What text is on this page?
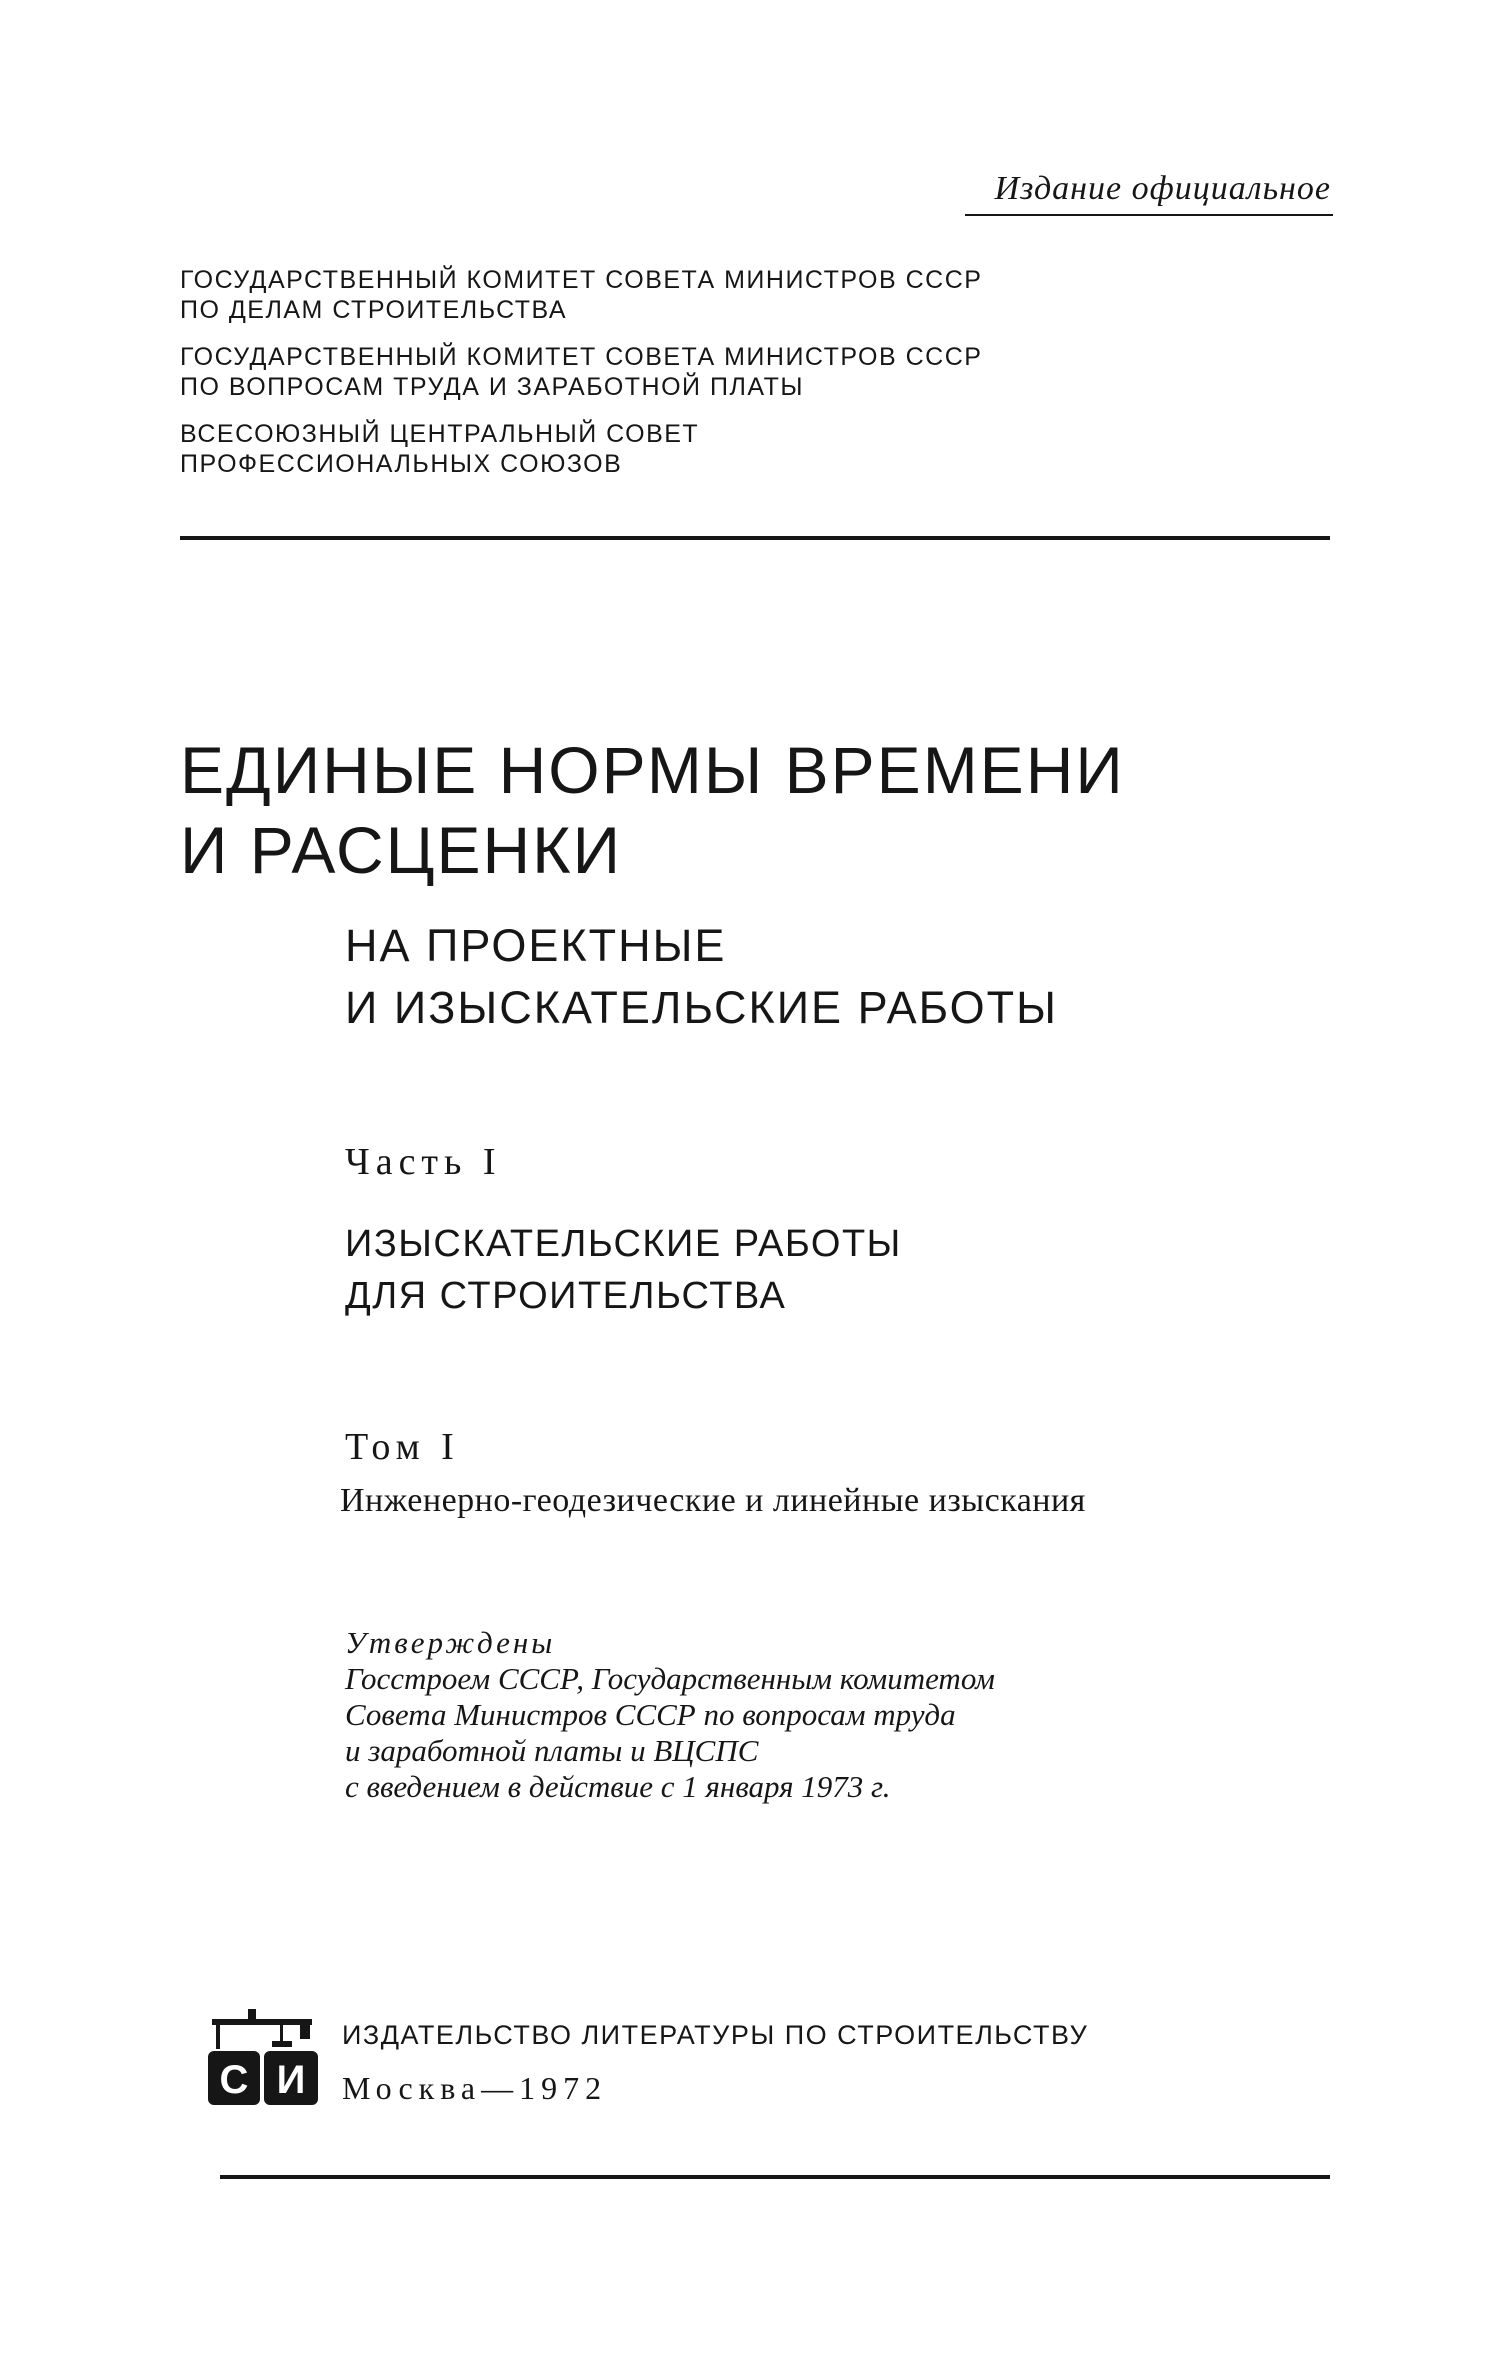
Издание официальное
ГОСУДАРСТВЕННЫЙ КОМИТЕТ СОВЕТА МИНИСТРОВ СССР
ПО ДЕЛАМ СТРОИТЕЛЬСТВА
ГОСУДАРСТВЕННЫЙ КОМИТЕТ СОВЕТА МИНИСТРОВ СССР
ПО ВОПРОСАМ ТРУДА И ЗАРАБОТНОЙ ПЛАТЫ
ВСЕСОЮЗНЫЙ ЦЕНТРАЛЬНЫЙ СОВЕТ
ПРОФЕССИОНАЛЬНЫХ СОЮЗОВ
ЕДИНЫЕ НОРМЫ ВРЕМЕНИ
И РАСЦЕНКИ
НА ПРОЕКТНЫЕ
И ИЗЫСКАТЕЛЬСКИЕ РАБОТЫ
Часть I
ИЗЫСКАТЕЛЬСКИЕ РАБОТЫ
ДЛЯ СТРОИТЕЛЬСТВА
Том I
Инженерно-геодезические и линейные изыскания
Утверждены
Госстроем СССР, Государственным комитетом
Совета Министров СССР по вопросам труда
и заработной платы и ВЦСПС
с введением в действие с 1 января 1973 г.
С И
ИЗДАТЕЛЬСТВО ЛИТЕРАТУРЫ ПО СТРОИТЕЛЬСТВУ
Москва—1972
